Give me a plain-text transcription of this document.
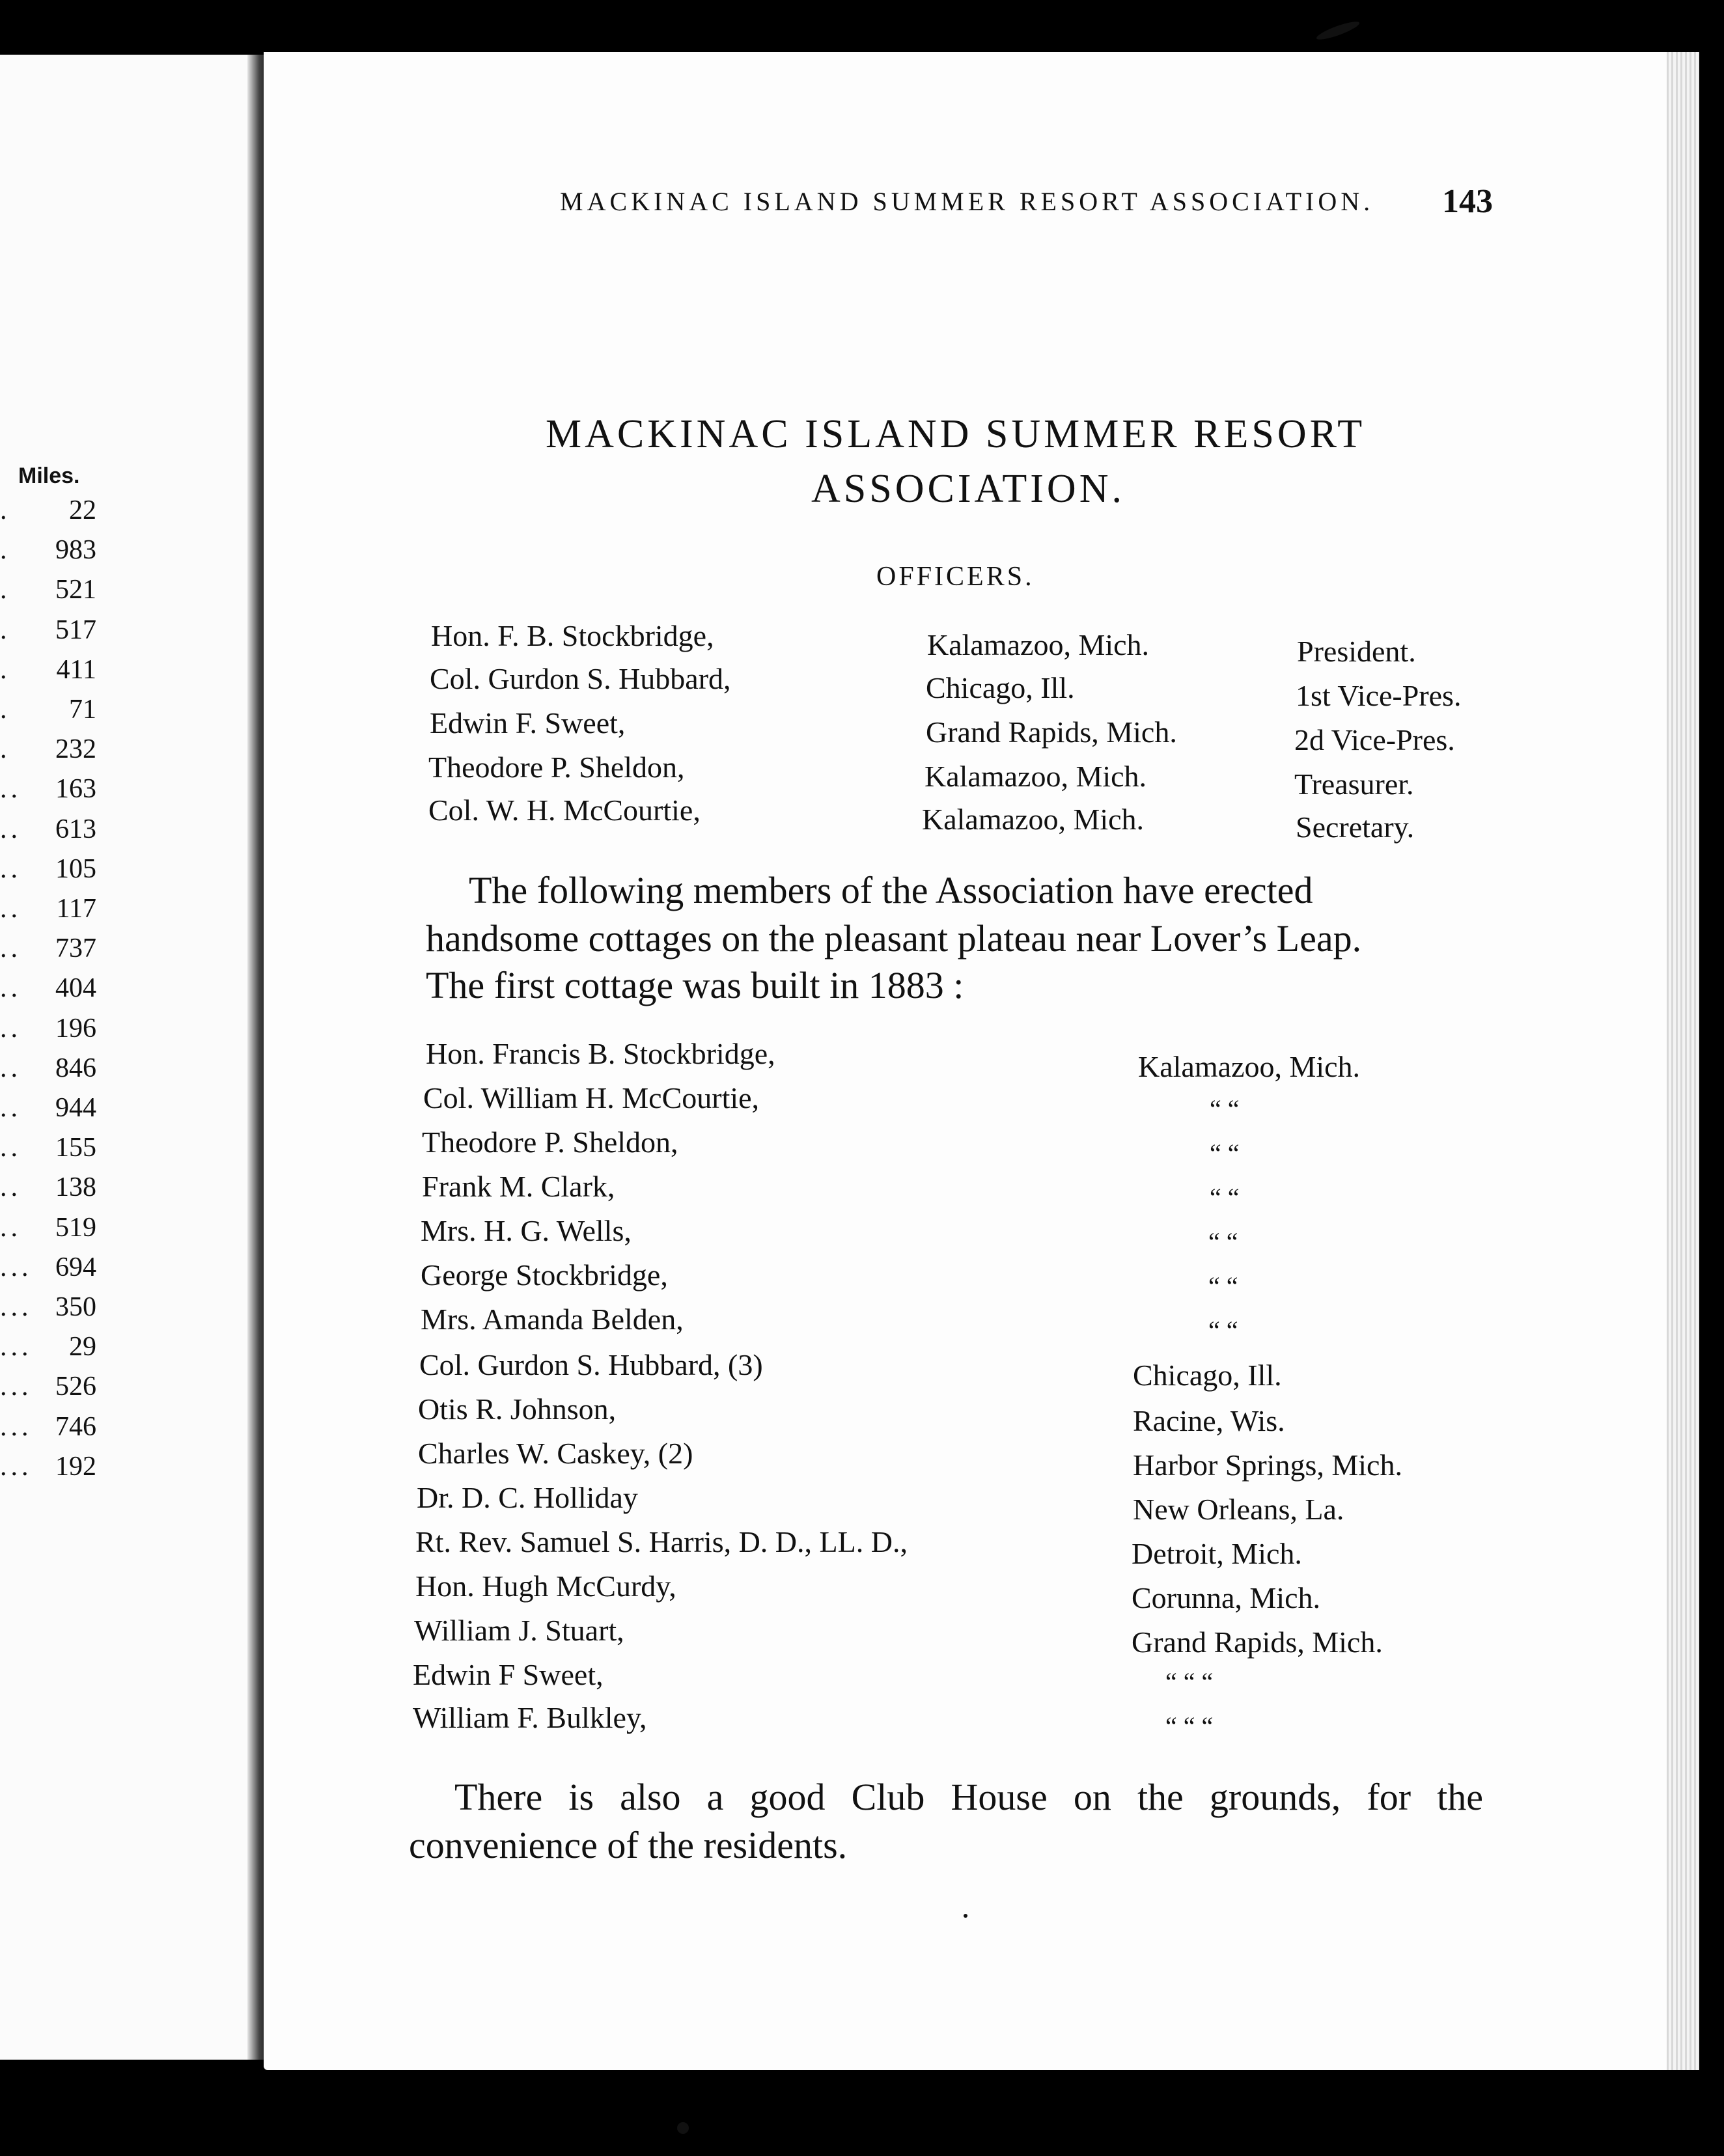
Miles.
. 22
. 983
. 521
. 517
. 411
. 71
. 232
.. 163
.. 613
.. 105
.. 117
.. 737
.. 404
.. 196
.. 846
.. 944
.. 155
.. 138
.. 519
... 694
... 350
... 29
... 526
... 746
... 192
MACKINAC ISLAND SUMMER RESORT ASSOCIATION. 143
MACKINAC ISLAND SUMMER RESORT
ASSOCIATION.
OFFICERS.
Hon. F. B. Stockbridge,	Kalamazoo, Mich.	President.
Col. Gurdon S. Hubbard,	Chicago, Ill.	1st Vice-Pres.
Edwin F. Sweet,	Grand Rapids, Mich.	2d Vice-Pres.
Theodore P. Sheldon,	Kalamazoo, Mich.	Treasurer.
Col. W. H. McCourtie,	Kalamazoo, Mich.	Secretary.
The following members of the Association have erected
handsome cottages on the pleasant plateau near Lover’s Leap.
The first cottage was built in 1883 :
Hon. Francis B. Stockbridge,	Kalamazoo, Mich.
Col. William H. McCourtie,	“ “
Theodore P. Sheldon,	“ “
Frank M. Clark,	“ “
Mrs. H. G. Wells,	“ “
George Stockbridge,	“ “
Mrs. Amanda Belden,	“ “
Col. Gurdon S. Hubbard, (3)	Chicago, Ill.
Otis R. Johnson,	Racine, Wis.
Charles W. Caskey, (2)	Harbor Springs, Mich.
Dr. D. C. Holliday	New Orleans, La.
Rt. Rev. Samuel S. Harris, D. D., LL. D.,	Detroit, Mich.
Hon. Hugh McCurdy,	Corunna, Mich.
William J. Stuart,	Grand Rapids, Mich.
Edwin F Sweet,	“ “ “
William F. Bulkley,	“ “ “
There is also a good Club House on the grounds, for the convenience of the residents.
